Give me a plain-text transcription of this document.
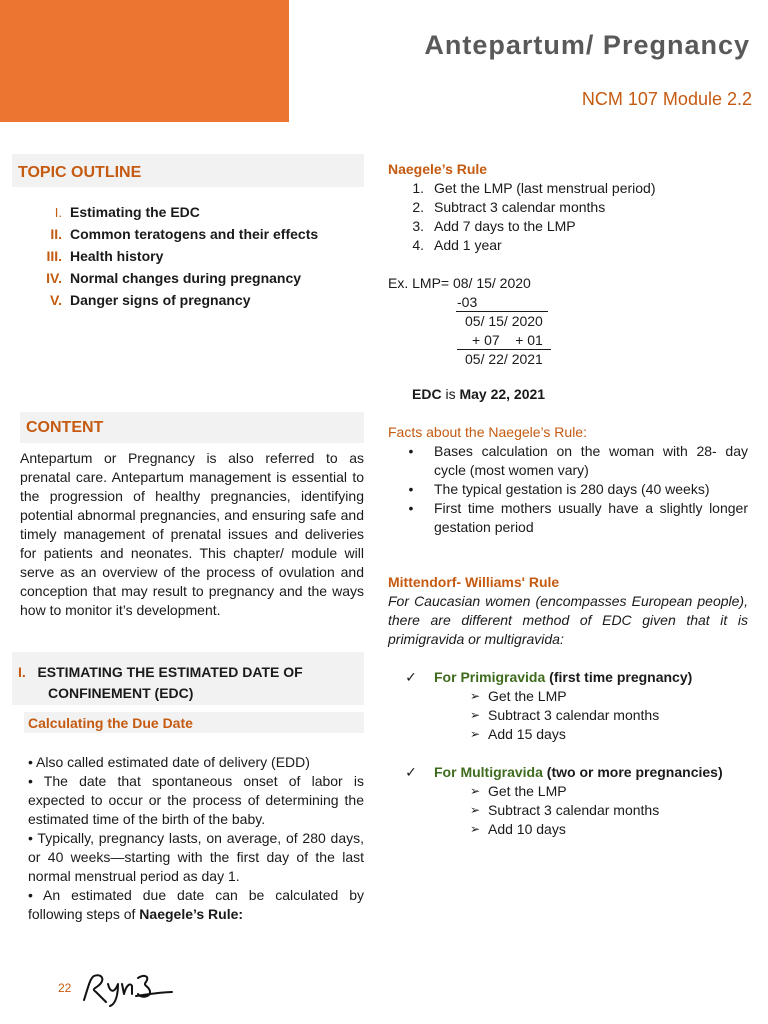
Antepartum/ Pregnancy
NCM 107 Module 2.2
TOPIC OUTLINE
I. Estimating the EDC
II. Common teratogens and their effects
III. Health history
IV. Normal changes during pregnancy
V. Danger signs of pregnancy
CONTENT

Antepartum or Pregnancy is also referred to as prenatal care. Antepartum management is essential to the progression of healthy pregnancies, identifying potential abnormal pregnancies, and ensuring safe and timely management of prenatal issues and deliveries for patients and neonates. This chapter/ module will serve as an overview of the process of ovulation and conception that may result to pregnancy and the ways how to monitor it’s development.

I. ESTIMATING THE ESTIMATED DATE OF
CONFINEMENT (EDC)
Calculating the Due Date

• Also called estimated date of delivery (EDD)

• The date that spontaneous onset of labor is expected to occur or the process of determining the estimated time of the birth of the baby.

• Typically, pregnancy lasts, on average, of 280 days, or 40 weeks—starting with the first day of the last normal menstrual period as day 1.

• An estimated due date can be calculated by following steps of Naegele’s Rule:

Naegele’s Rule
1. Get the LMP (last menstrual period)
2. Subtract 3 calendar months
3. Add 7 days to the LMP
4. Add 1 year
Ex. LMP= 08/ 15/ 2020
-03
05/ 15/ 2020
+ 07    + 01
05/ 22/ 2021
EDC is May 22, 2021
Facts about the Naegele’s Rule:
•	Bases calculation on the woman with 28- day cycle (most women vary)
•	The typical gestation is 280 days (40 weeks)
•	First time mothers usually have a slightly longer gestation period
Mittendorf- Williams' Rule
For Caucasian women (encompasses European people), there are different method of EDC given that it is primigravida or multigravida:
✓	For Primigravida (first time pregnancy)
➢ Get the LMP
➢ Subtract 3 calendar months
➢ Add 15 days
✓	For Multigravida (two or more pregnancies)
➢ Get the LMP
➢ Subtract 3 calendar months
➢ Add 10 days
22
